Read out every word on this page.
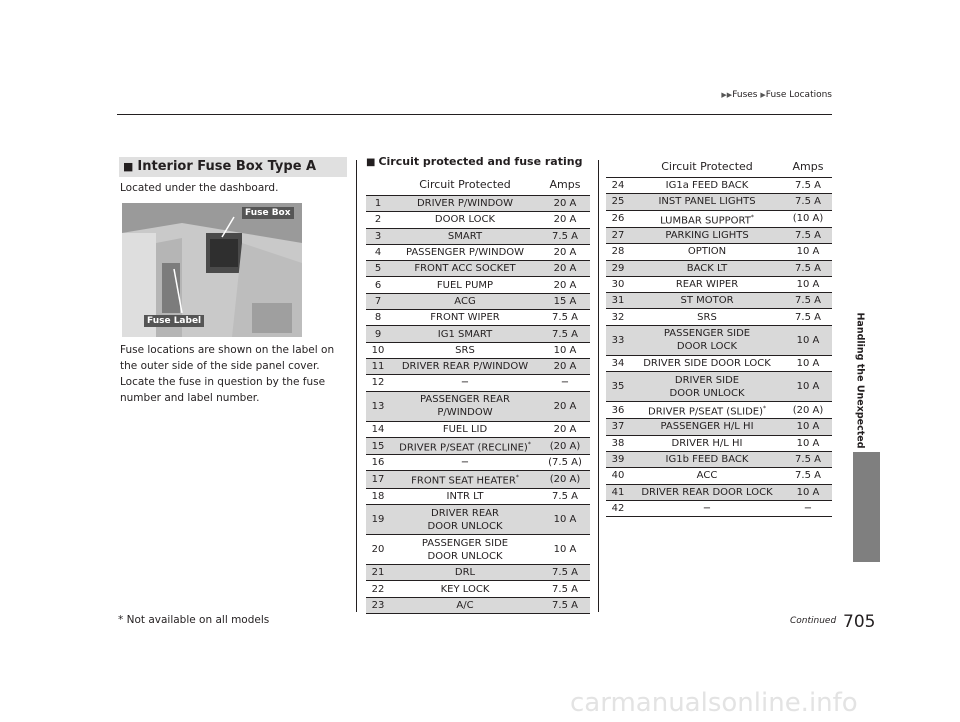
▶▶Fuses ▶Fuse Locations
Handling the Unexpected
■ Interior Fuse Box Type A
Located under the dashboard.
Fuse Box
Fuse Label
Fuse locations are shown on the label on the outer side of the side panel cover. Locate the fuse in question by the fuse number and label number.
■ Circuit protected and fuse rating
	Circuit Protected	Amps
1	DRIVER P/WINDOW	20 A
2	DOOR LOCK	20 A
3	SMART	7.5 A
4	PASSENGER P/WINDOW	20 A
5	FRONT ACC SOCKET	20 A
6	FUEL PUMP	20 A
7	ACG	15 A
8	FRONT WIPER	7.5 A
9	IG1 SMART	7.5 A
10	SRS	10 A
11	DRIVER REAR P/WINDOW	20 A
12	−	−
13	PASSENGER REAR
P/WINDOW	20 A
14	FUEL LID	20 A
15	DRIVER P/SEAT (RECLINE)*	(20 A)
16	−	(7.5 A)
17	FRONT SEAT HEATER*	(20 A)
18	INTR LT	7.5 A
19	DRIVER REAR
DOOR UNLOCK	10 A
20	PASSENGER SIDE
DOOR UNLOCK	10 A
21	DRL	7.5 A
22	KEY LOCK	7.5 A
23	A/C	7.5 A
	Circuit Protected	Amps
24	IG1a FEED BACK	7.5 A
25	INST PANEL LIGHTS	7.5 A
26	LUMBAR SUPPORT*	(10 A)
27	PARKING LIGHTS	7.5 A
28	OPTION	10 A
29	BACK LT	7.5 A
30	REAR WIPER	10 A
31	ST MOTOR	7.5 A
32	SRS	7.5 A
33	PASSENGER SIDE
DOOR LOCK	10 A
34	DRIVER SIDE DOOR LOCK	10 A
35	DRIVER SIDE
DOOR UNLOCK	10 A
36	DRIVER P/SEAT (SLIDE)*	(20 A)
37	PASSENGER H/L HI	10 A
38	DRIVER H/L HI	10 A
39	IG1b FEED BACK	7.5 A
40	ACC	7.5 A
41	DRIVER REAR DOOR LOCK	10 A
42	−	−
* Not available on all models	Continued 705
carmanualsonline.info
